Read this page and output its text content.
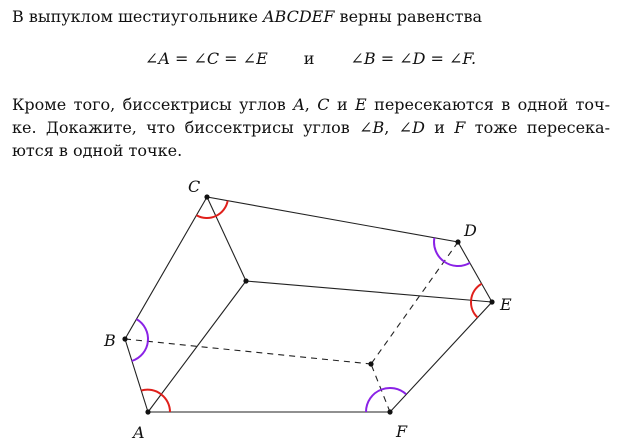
В выпуклом шестиугольнике ABCDEF верны равенства
∠A = ∠C = ∠E и ∠B = ∠D = ∠F.
Кроме того, биссектрисы углов A, C и E пересекаются в одной точ-
ке. Докажите, что биссектрисы углов ∠B, ∠D и F тоже пересека-
ются в одной точке.
A
B
C
D
E
F
